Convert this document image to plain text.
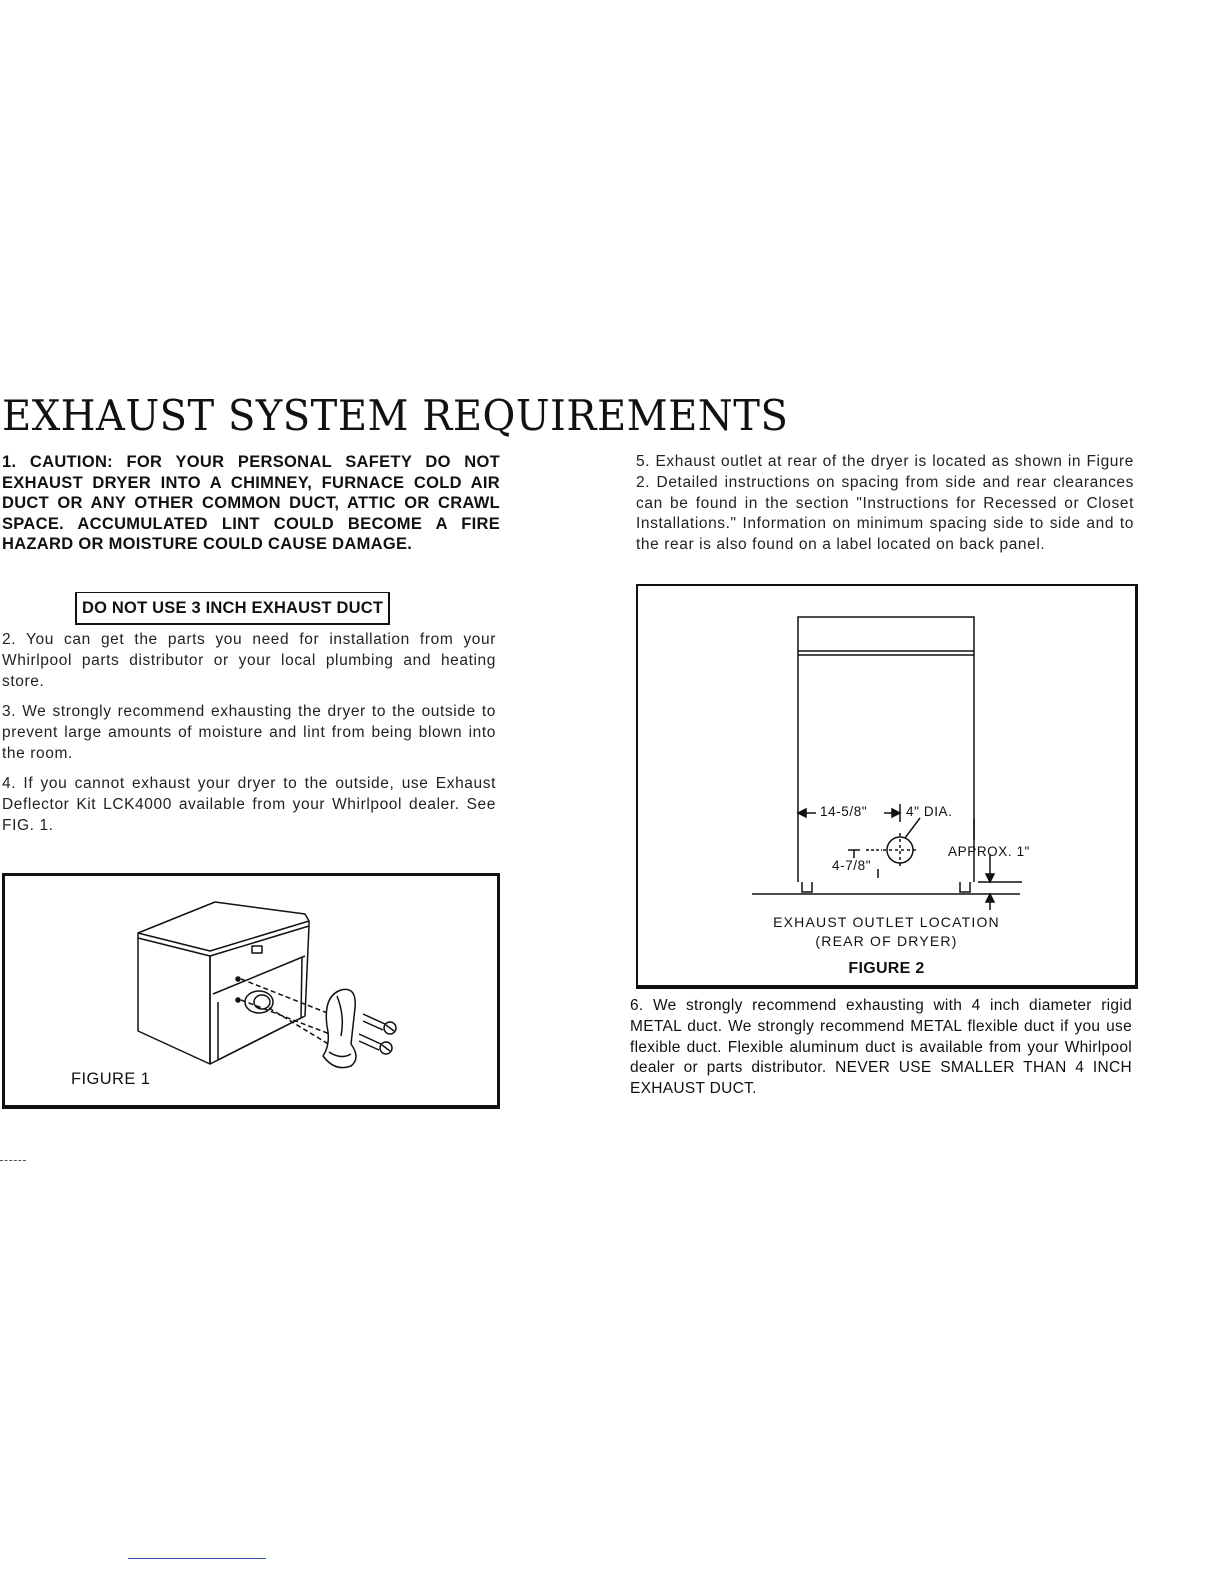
EXHAUST SYSTEM REQUIREMENTS

1. CAUTION: FOR YOUR PERSONAL SAFETY DO NOT EXHAUST DRYER INTO A CHIMNEY, FURNACE COLD AIR DUCT OR ANY OTHER COMMON DUCT, ATTIC OR CRAWL SPACE. ACCUMULATED LINT COULD BECOME A FIRE HAZARD OR MOISTURE COULD CAUSE DAMAGE.

DO NOT USE 3 INCH EXHAUST DUCT

2. You can get the parts you need for installation from your Whirlpool parts distributor or your local plumbing and heating store.

3. We strongly recommend exhausting the dryer to the outside to prevent large amounts of moisture and lint from being blown into the room.

4. If you cannot exhaust your dryer to the outside, use Exhaust Deflector Kit LCK4000 available from your Whirlpool dealer. See FIG. 1.

FIGURE 1

5. Exhaust outlet at rear of the dryer is located as shown in Figure 2. Detailed instructions on spacing from side and rear clearances can be found in the section "Instructions for Recessed or Closet Installations." Information on minimum spacing side to side and to the rear is also found on a label located on back panel.

14-5/8"	4" DIA.
APPROX. 1"
4-7/8"
EXHAUST OUTLET LOCATION
(REAR OF DRYER)
FIGURE 2

6. We strongly recommend exhausting with 4 inch diameter rigid METAL duct. We strongly recommend METAL flexible duct if you use flexible duct. Flexible aluminum duct is available from your Whirlpool dealer or parts distributor. NEVER USE SMALLER THAN 4 INCH EXHAUST DUCT.
